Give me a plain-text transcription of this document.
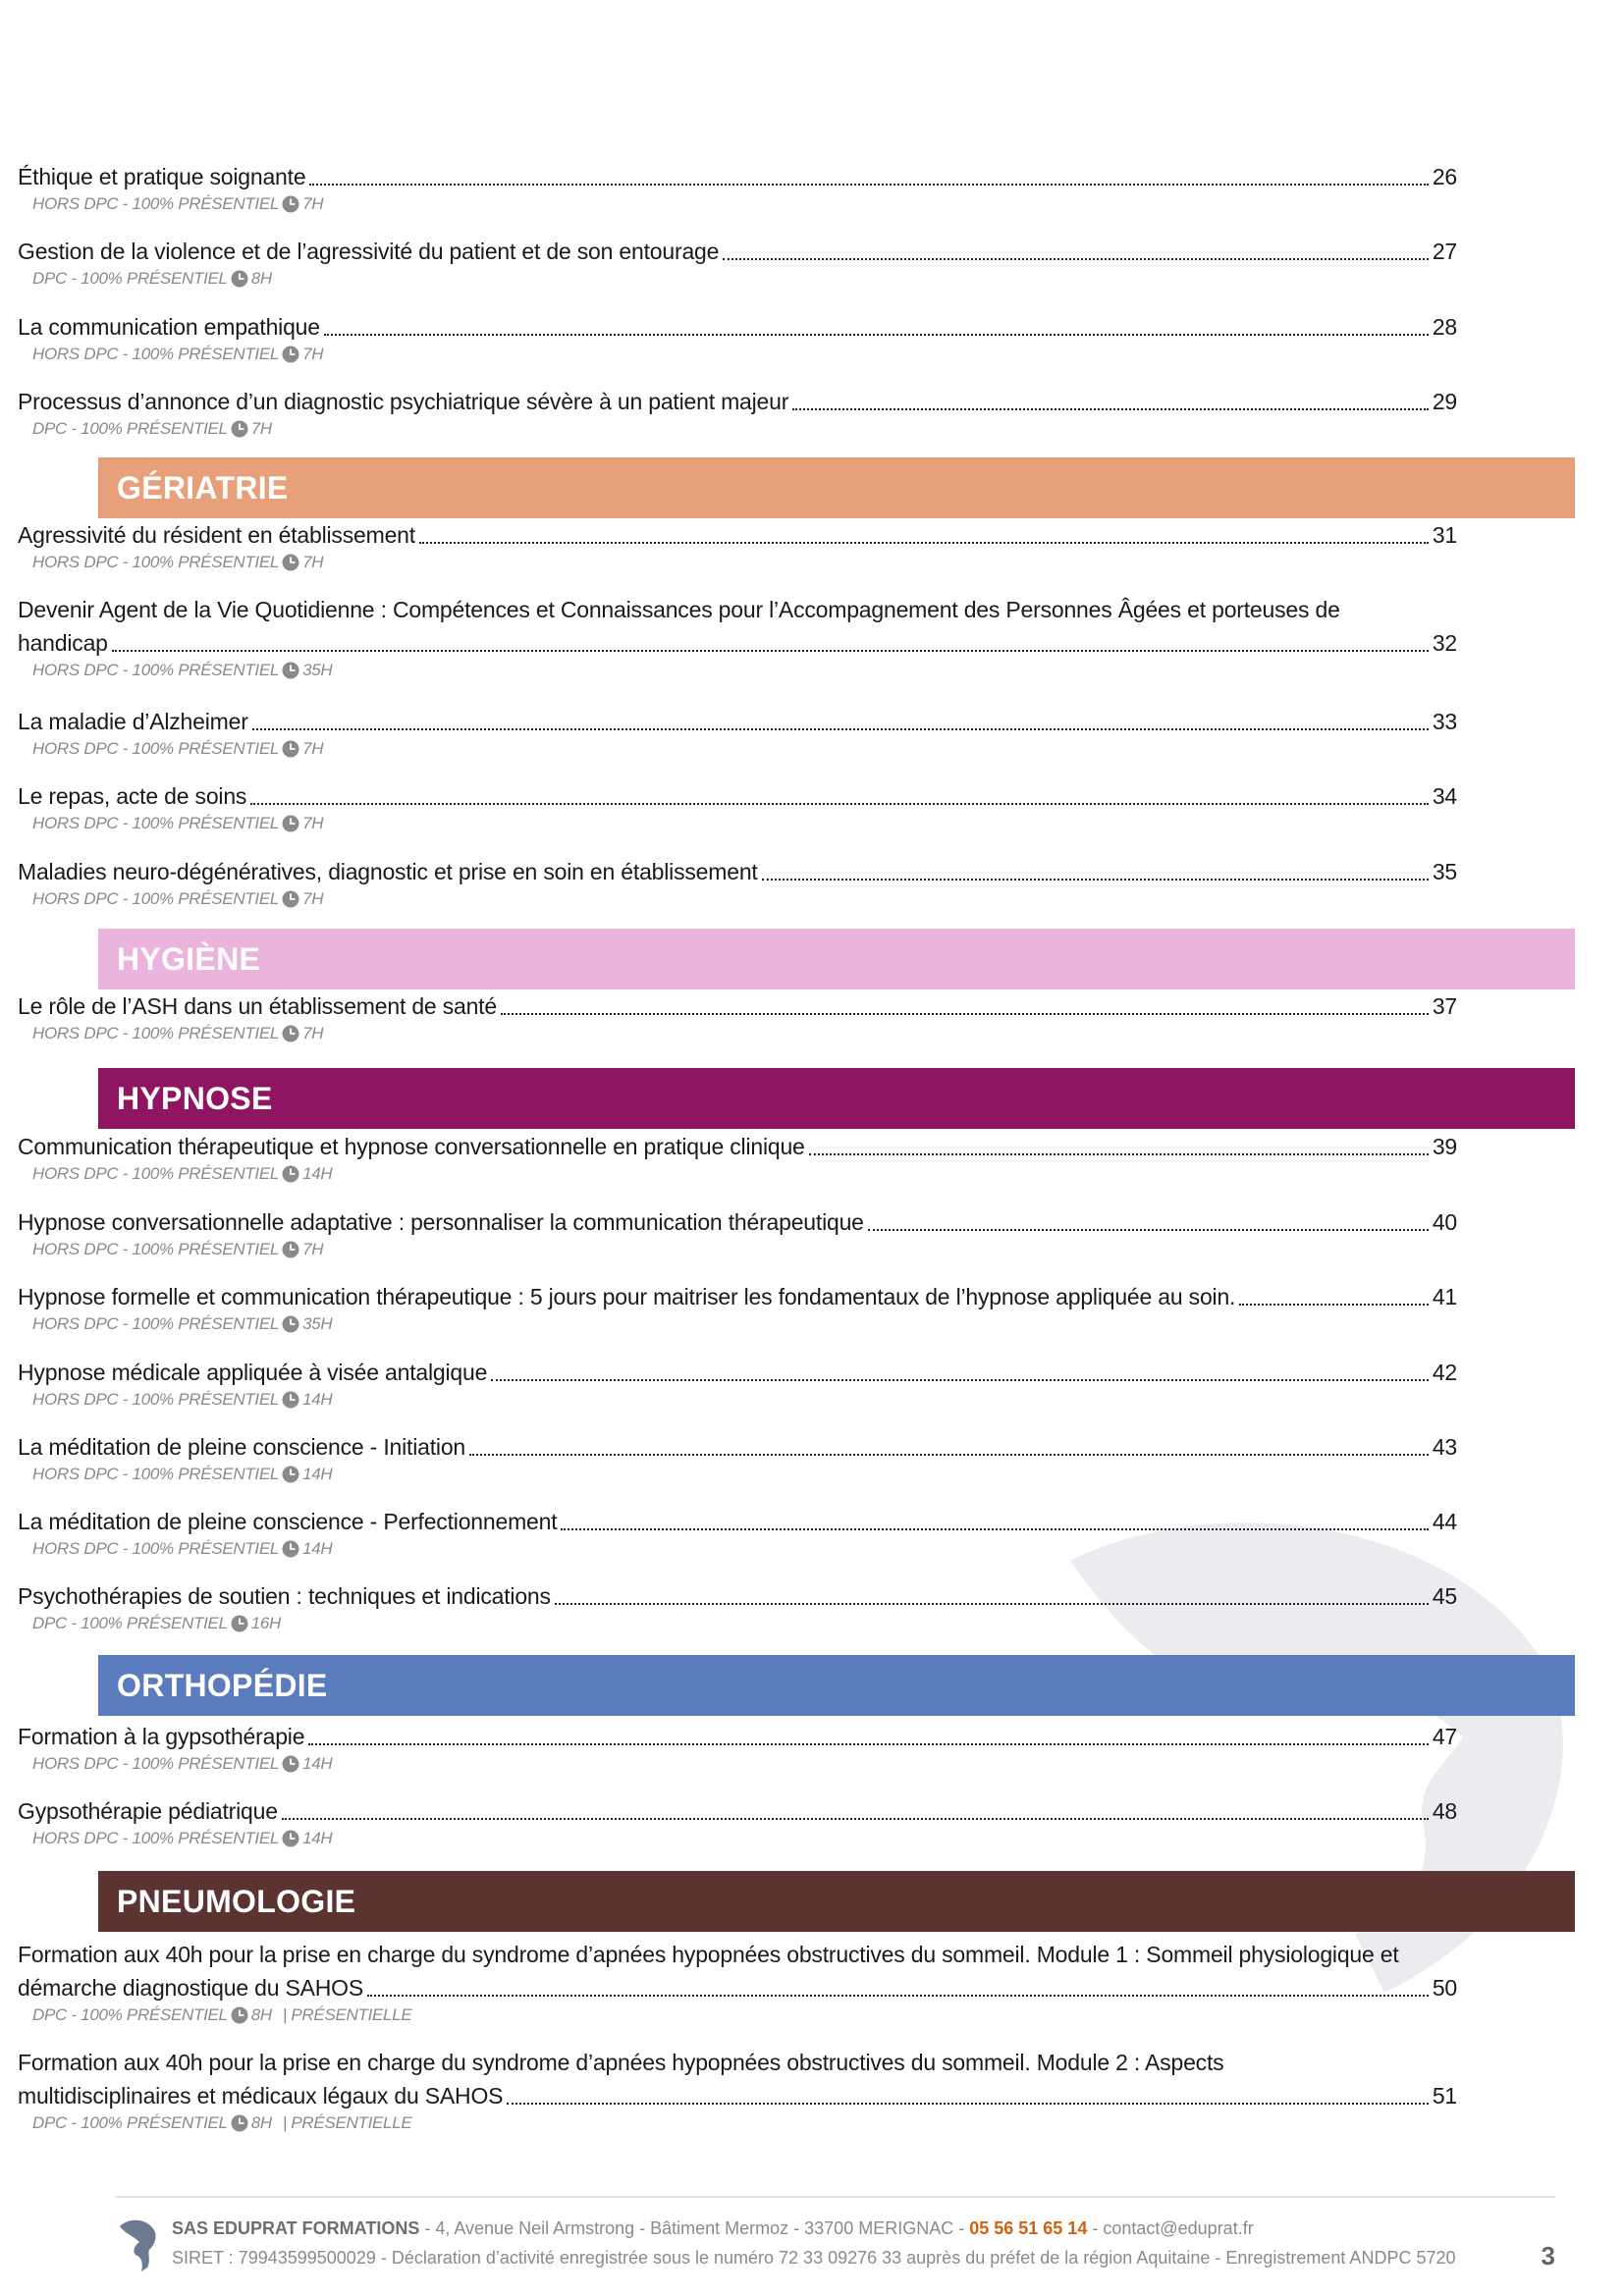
SAS EDUPRAT FORMATIONS - 4, Avenue Neil Armstrong - Bâtiment Mermoz - 33700 MERIGNAC - 05 56 51 65 14 - contact@eduprat.fr
SIRET : 79943599500029 - Déclaration d’activité enregistrée sous le numéro 72 33 09276 33 auprès du préfet de la région Aquitaine - Enregistrement ANDPC 5720	3
Éthique et pratique soignante	26
HORS DPC - 100% PRÉSENTIEL 7H
Gestion de la violence et de l’agressivité du patient et de son entourage	27
DPC - 100% PRÉSENTIEL 8H
La communication empathique	28
HORS DPC - 100% PRÉSENTIEL 7H
Processus d’annonce d’un diagnostic psychiatrique sévère à un patient majeur	29
DPC - 100% PRÉSENTIEL 7H
GÉRIATRIE
Agressivité du résident en établissement	31
HORS DPC - 100% PRÉSENTIEL 7H
Devenir Agent de la Vie Quotidienne : Compétences et Connaissances pour l’Accompagnement des Personnes Âgées et porteuses de
handicap	32
HORS DPC - 100% PRÉSENTIEL 35H
La maladie d’Alzheimer	33
HORS DPC - 100% PRÉSENTIEL 7H
Le repas, acte de soins	34
HORS DPC - 100% PRÉSENTIEL 7H
Maladies neuro-dégénératives, diagnostic et prise en soin en établissement	35
HORS DPC - 100% PRÉSENTIEL 7H
HYGIÈNE
Le rôle de l’ASH dans un établissement de santé	37
HORS DPC - 100% PRÉSENTIEL 7H
HYPNOSE
Communication thérapeutique et hypnose conversationnelle en pratique clinique	39
HORS DPC - 100% PRÉSENTIEL 14H
Hypnose conversationnelle adaptative : personnaliser la communication thérapeutique	40
HORS DPC - 100% PRÉSENTIEL 7H
Hypnose formelle et communication thérapeutique : 5 jours pour maitriser les fondamentaux de l’hypnose appliquée au soin.	41
HORS DPC - 100% PRÉSENTIEL 35H
Hypnose médicale appliquée à visée antalgique	42
HORS DPC - 100% PRÉSENTIEL 14H
La méditation de pleine conscience - Initiation	43
HORS DPC - 100% PRÉSENTIEL 14H
La méditation de pleine conscience - Perfectionnement	44
HORS DPC - 100% PRÉSENTIEL 14H
Psychothérapies de soutien : techniques et indications	45
DPC - 100% PRÉSENTIEL 16H
ORTHOPÉDIE
Formation à la gypsothérapie	47
HORS DPC - 100% PRÉSENTIEL 14H
Gypsothérapie pédiatrique	48
HORS DPC - 100% PRÉSENTIEL 14H
PNEUMOLOGIE
Formation aux 40h pour la prise en charge du syndrome d’apnées hypopnées obstructives du sommeil. Module 1 : Sommeil physiologique et
démarche diagnostique du SAHOS	50
DPC - 100% PRÉSENTIEL 8H | PRÉSENTIELLE
Formation aux 40h pour la prise en charge du syndrome d’apnées hypopnées obstructives du sommeil. Module 2 : Aspects
multidisciplinaires et médicaux légaux du SAHOS	51
DPC - 100% PRÉSENTIEL 8H | PRÉSENTIELLE
